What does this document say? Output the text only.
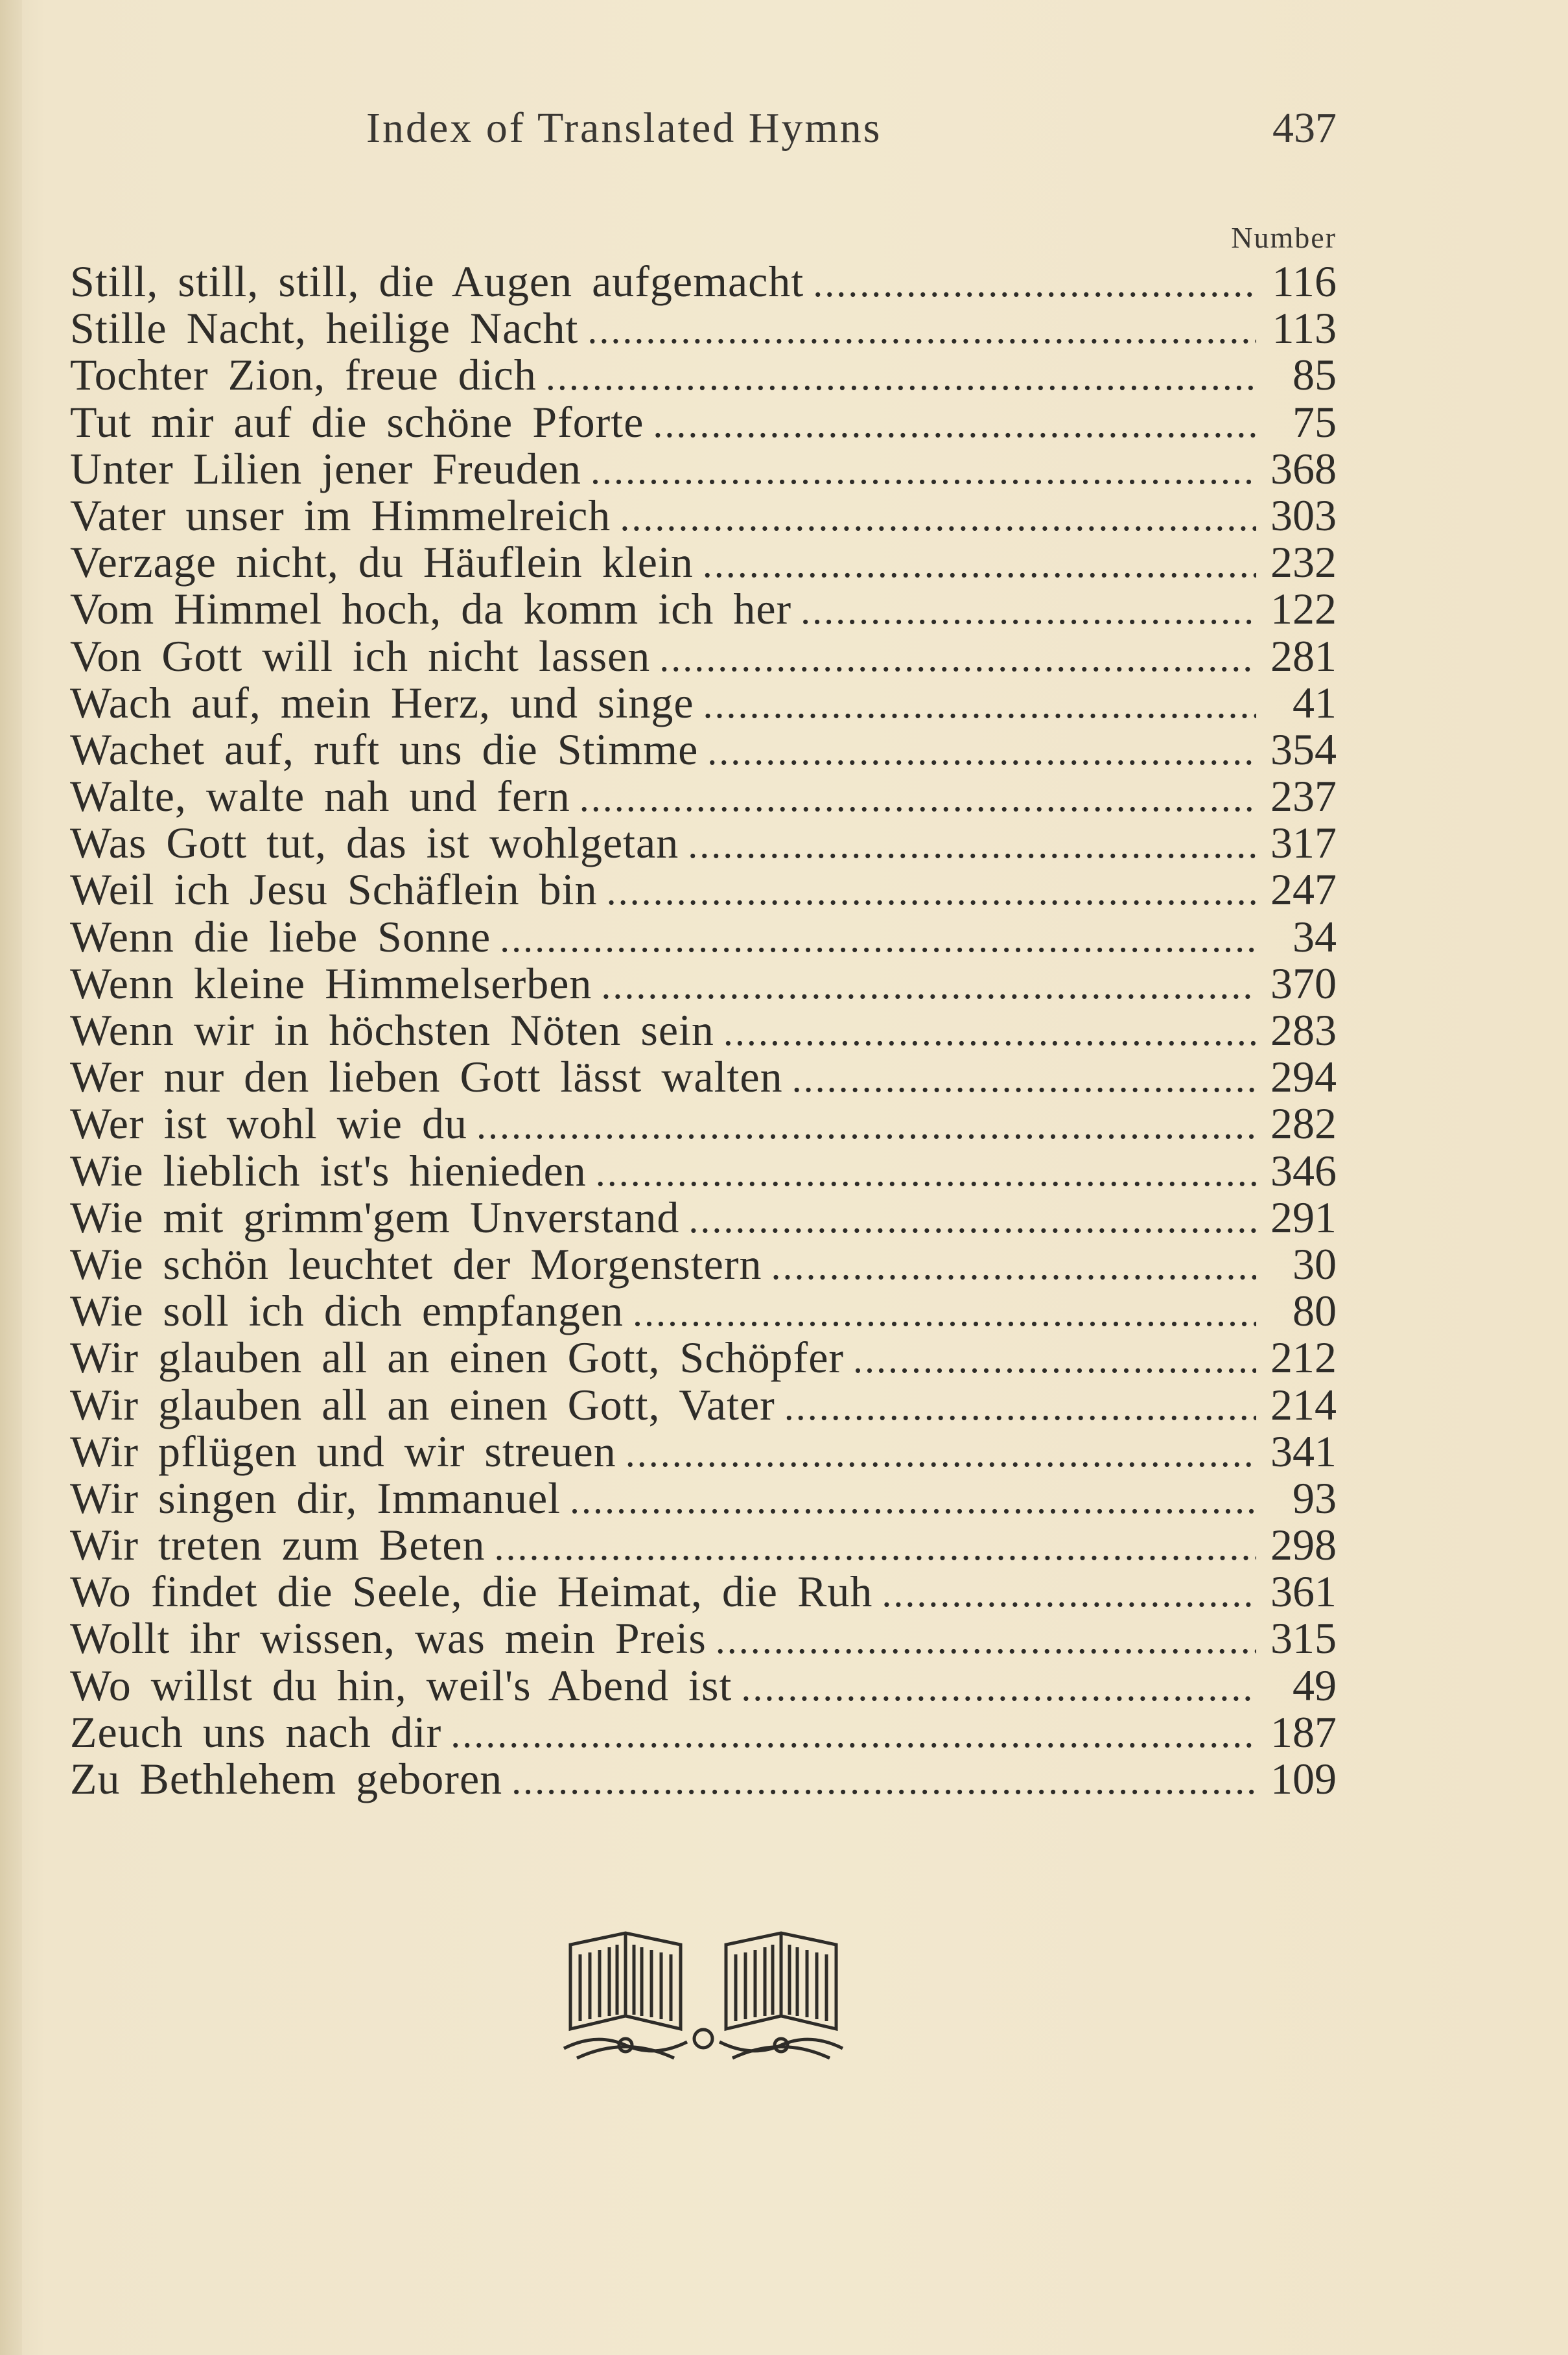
Index of Translated Hymns	437
Number
Still, still, still, die Augen aufgemacht . . .	116
Stille Nacht, heilige Nacht . . .	113
Tochter Zion, freue dich . . .	85
Tut mir auf die schöne Pforte . . .	75
Unter Lilien jener Freuden . . .	368
Vater unser im Himmelreich . . .	303
Verzage nicht, du Häuflein klein . . .	232
Vom Himmel hoch, da komm ich her . . .	122
Von Gott will ich nicht lassen . . .	281
Wach auf, mein Herz, und singe . . .	41
Wachet auf, ruft uns die Stimme . . .	354
Walte, walte nah und fern . . .	237
Was Gott tut, das ist wohlgetan . . .	317
Weil ich Jesu Schäflein bin . . .	247
Wenn die liebe Sonne . . .	34
Wenn kleine Himmelserben . . .	370
Wenn wir in höchsten Nöten sein . . .	283
Wer nur den lieben Gott lässt walten . . .	294
Wer ist wohl wie du . . .	282
Wie lieblich ist's hienieden . . .	346
Wie mit grimm'gem Unverstand . . .	291
Wie schön leuchtet der Morgenstern . . .	30
Wie soll ich dich empfangen . . .	80
Wir glauben all an einen Gott, Schöpfer . . .	212
Wir glauben all an einen Gott, Vater . . .	214
Wir pflügen und wir streuen . . .	341
Wir singen dir, Immanuel . . .	93
Wir treten zum Beten . . .	298
Wo findet die Seele, die Heimat, die Ruh . . .	361
Wollt ihr wissen, was mein Preis . . .	315
Wo willst du hin, weil's Abend ist . . .	49
Zeuch uns nach dir . . .	187
Zu Bethlehem geboren . . .	109
